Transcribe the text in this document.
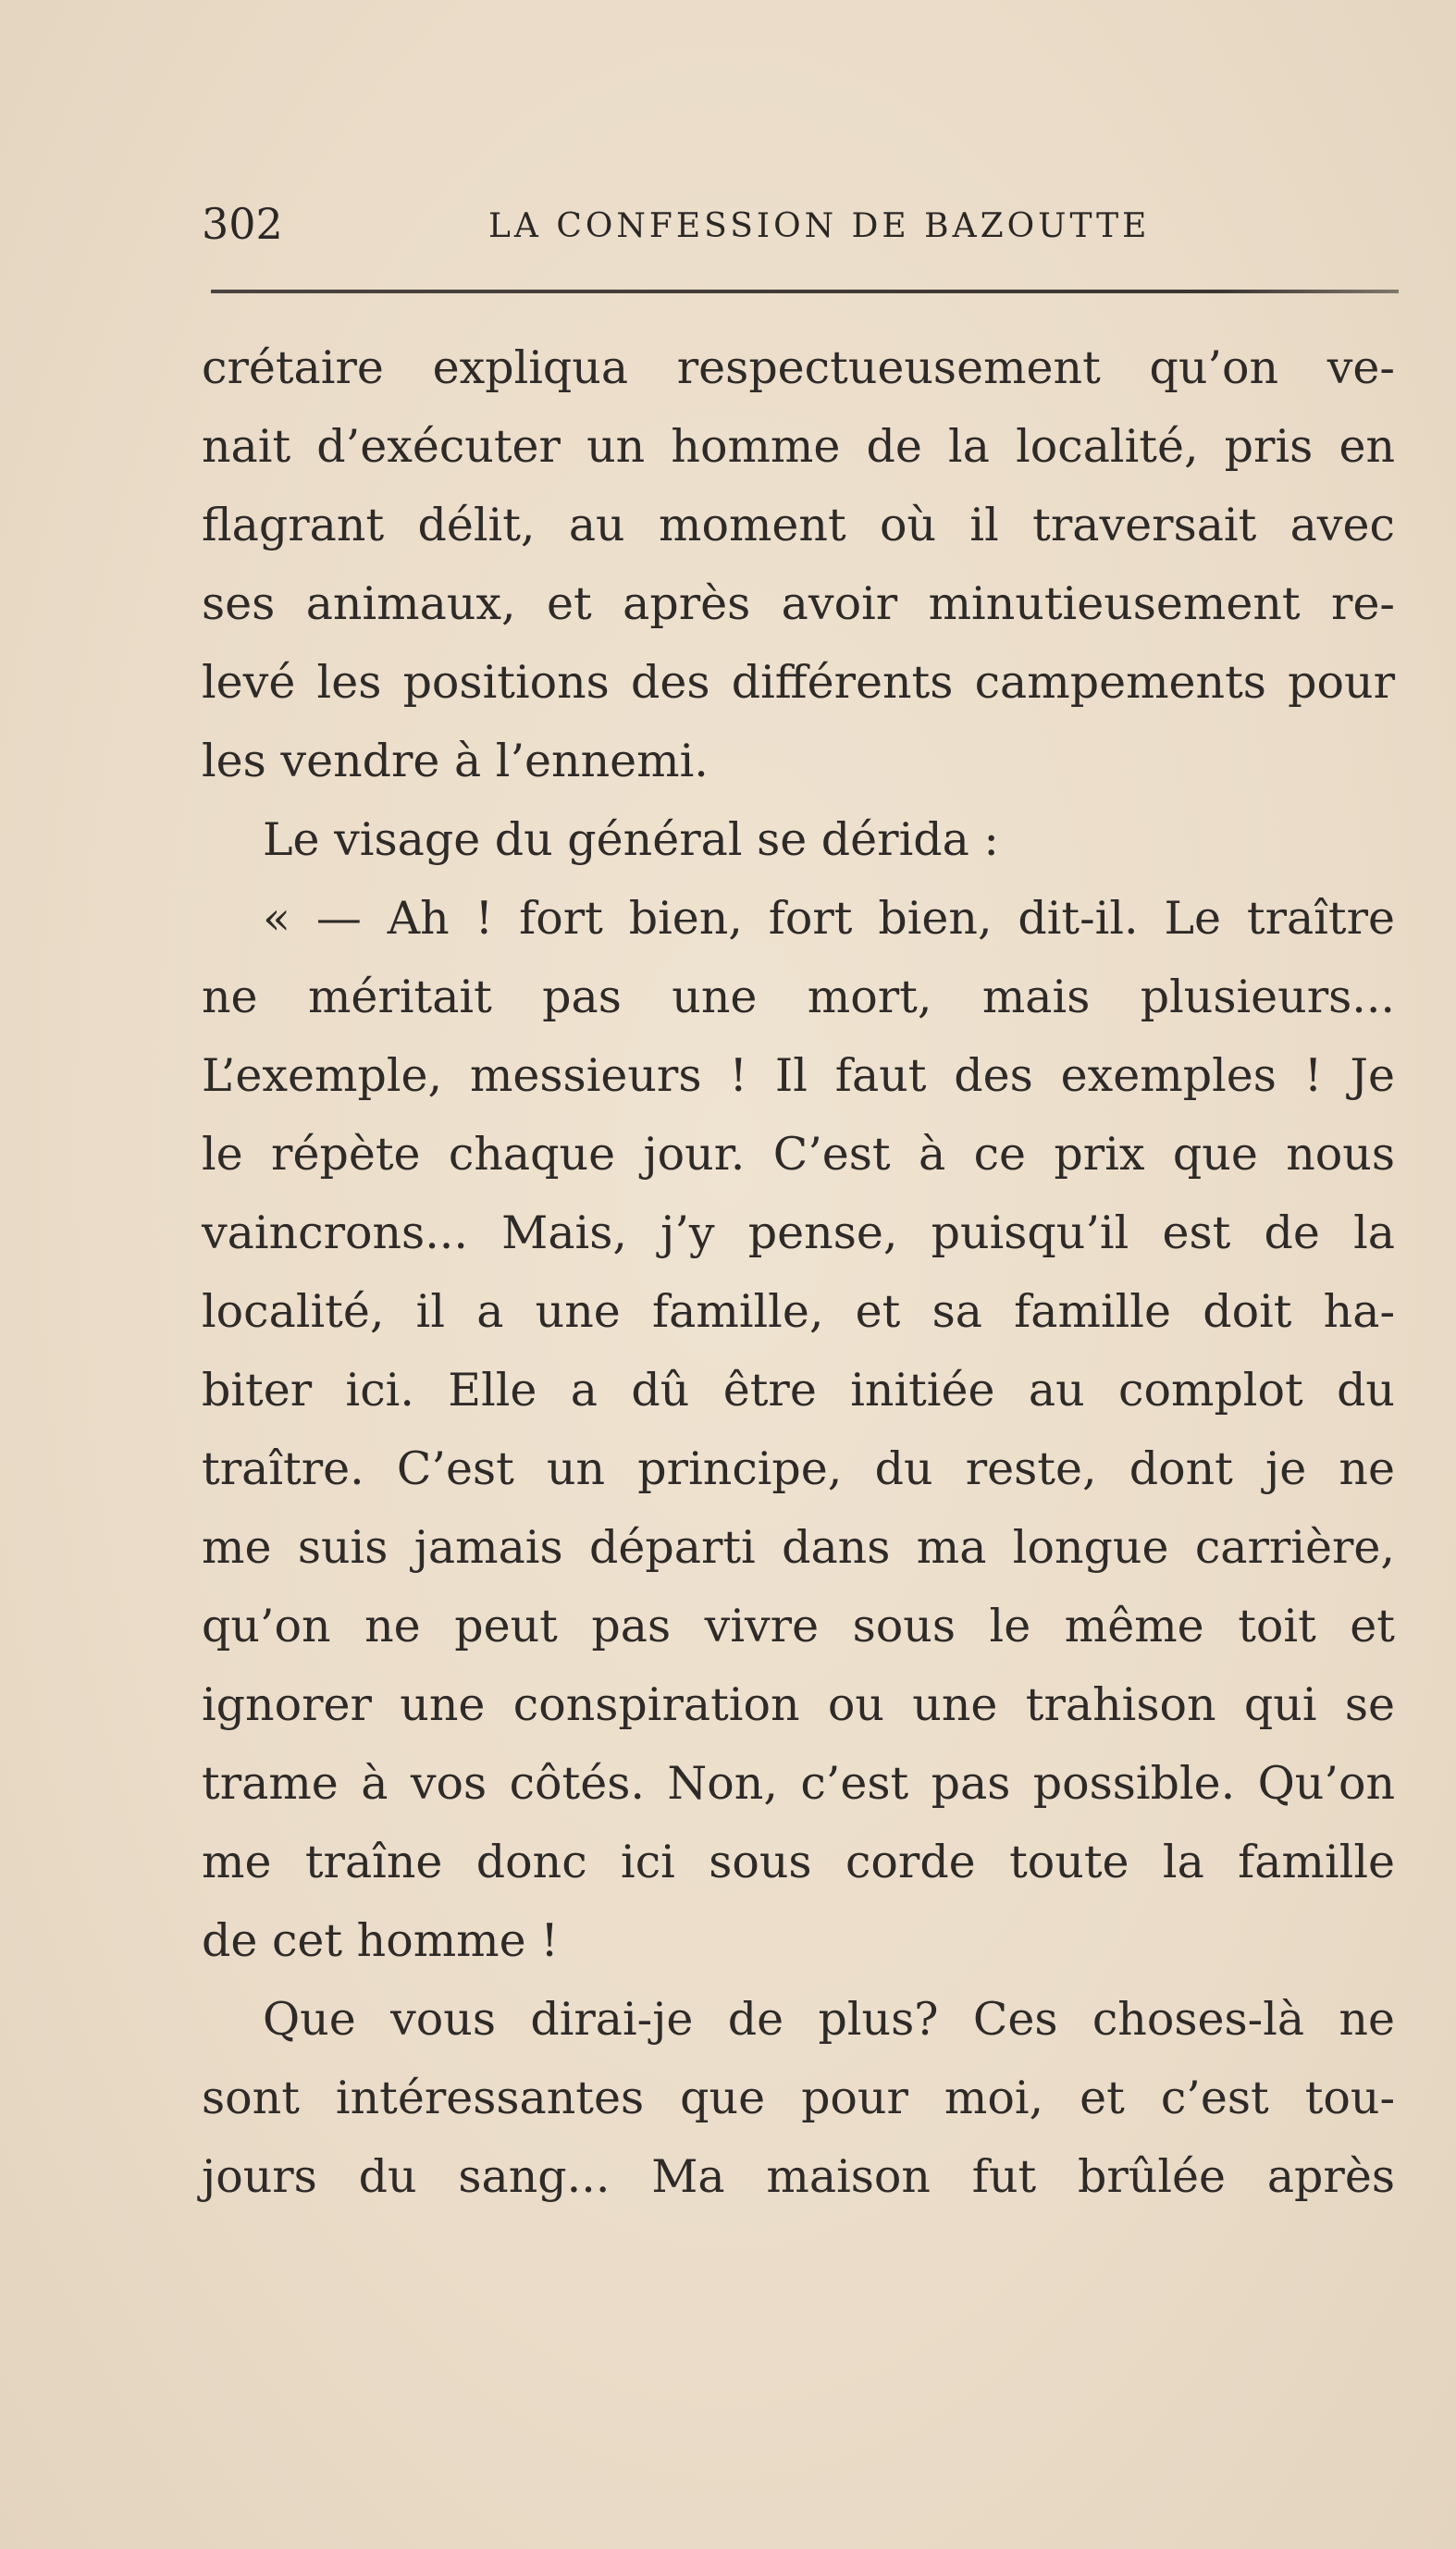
302	LA CONFESSION DE BAZOUTTE
crétaire expliqua respectueusement qu’on ve-
nait d’exécuter un homme de la localité, pris en
flagrant délit, au moment où il traversait avec
ses animaux, et après avoir minutieusement re-
levé les positions des différents campements pour
les vendre à l’ennemi.
Le visage du général se dérida :
« — Ah ! fort bien, fort bien, dit-il. Le traître
ne méritait pas une mort, mais plusieurs...
L’exemple, messieurs ! Il faut des exemples ! Je
le répète chaque jour. C’est à ce prix que nous
vaincrons... Mais, j’y pense, puisqu’il est de la
localité, il a une famille, et sa famille doit ha-
biter ici. Elle a dû être initiée au complot du
traître. C’est un principe, du reste, dont je ne
me suis jamais départi dans ma longue carrière,
qu’on ne peut pas vivre sous le même toit et
ignorer une conspiration ou une trahison qui se
trame à vos côtés. Non, c’est pas possible. Qu’on
me traîne donc ici sous corde toute la famille
de cet homme !
Que vous dirai-je de plus? Ces choses-là ne
sont intéressantes que pour moi, et c’est tou-
jours du sang... Ma maison fut brûlée après
